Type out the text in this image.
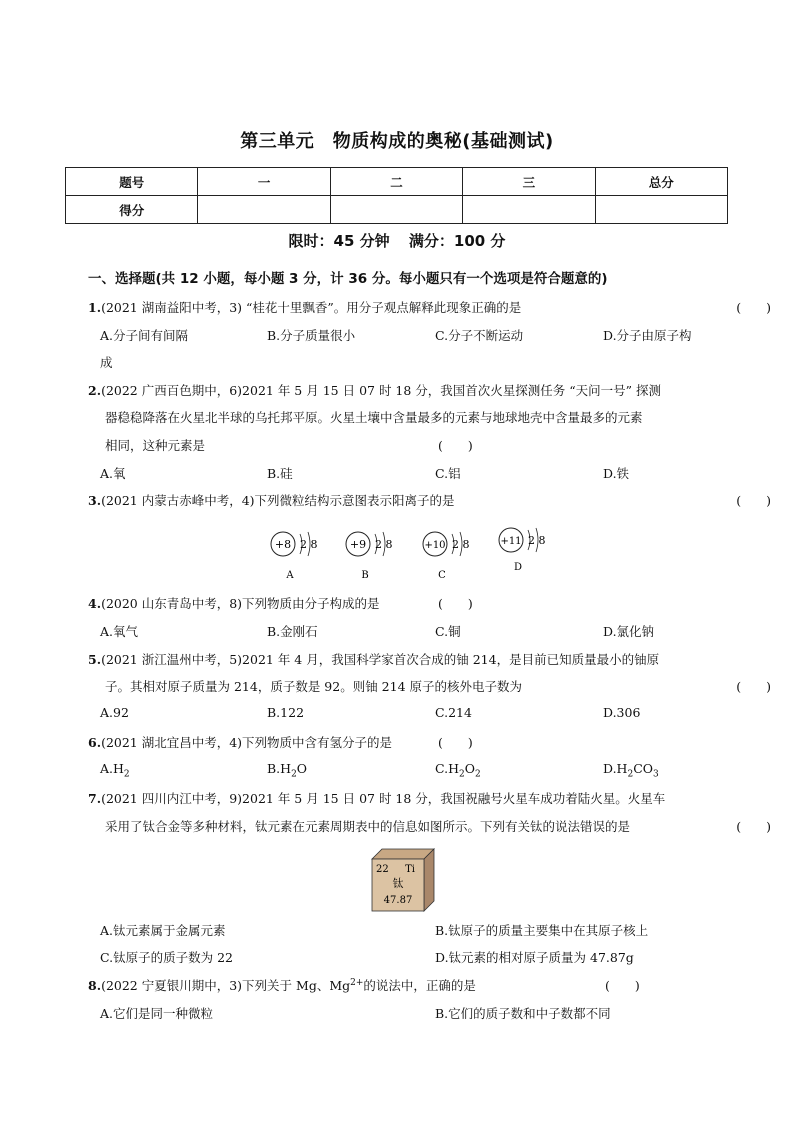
第三单元　物质构成的奥秘(基础测试)
题号	一	二	三	总分
得分				
限时：45 分钟 满分：100 分
一、选择题(共 12 小题，每小题 3 分，计 36 分。每小题只有一个选项是符合题意的)
1.(2021 湖南益阳中考，3) “桂花十里飘香”。用分子观点解释此现象正确的是	(　　)
A.分子间有间隔	B.分子质量很小	C.分子不断运动	D.分子由原子构
成
2.(2022 广西百色期中，6)2021 年 5 月 15 日 07 时 18 分，我国首次火星探测任务 “天问一号” 探测
器稳稳降落在火星北半球的乌托邦平原。火星土壤中含量最多的元素与地球地壳中含量最多的元素
相同，这种元素是	(　　)
A.氧	B.硅	C.铝	D.铁
3.(2021 内蒙古赤峰中考，4)下列微粒结构示意图表示阳离子的是	(　　)
+8 2 8
A
+9 2 8
B
+10 2 8
C
+11 2 8
D
4.(2020 山东青岛中考，8)下列物质由分子构成的是	(　　)
A.氧气	B.金刚石	C.铜	D.氯化钠
5.(2021 浙江温州中考，5)2021 年 4 月，我国科学家首次合成的铀 214，是目前已知质量最小的铀原
子。其相对原子质量为 214，质子数是 92。则铀 214 原子的核外电子数为	(　　)
A.92	B.122	C.214	D.306
6.(2021 湖北宜昌中考，4)下列物质中含有氢分子的是	(　　)
$A.H_2$	$B.H_2O$	$C.H_2O_2$	$D.H_2CO_3$
7.(2021 四川内江中考，9)2021 年 5 月 15 日 07 时 18 分，我国祝融号火星车成功着陆火星。火星车
采用了钛合金等多种材料，钛元素在元素周期表中的信息如图所示。下列有关钛的说法错误的是	(　　)
22 Ti
钛
47.87
A.钛元素属于金属元素	B.钛原子的质量主要集中在其原子核上
C.钛原子的质子数为 22	D.钛元素的相对原子质量为 47.87g
8.(2022 宁夏银川期中，3)下列关于 Mg、$Mg^{2+}$的说法中，正确的是	(　　)
A.它们是同一种微粒	B.它们的质子数和中子数都不同
